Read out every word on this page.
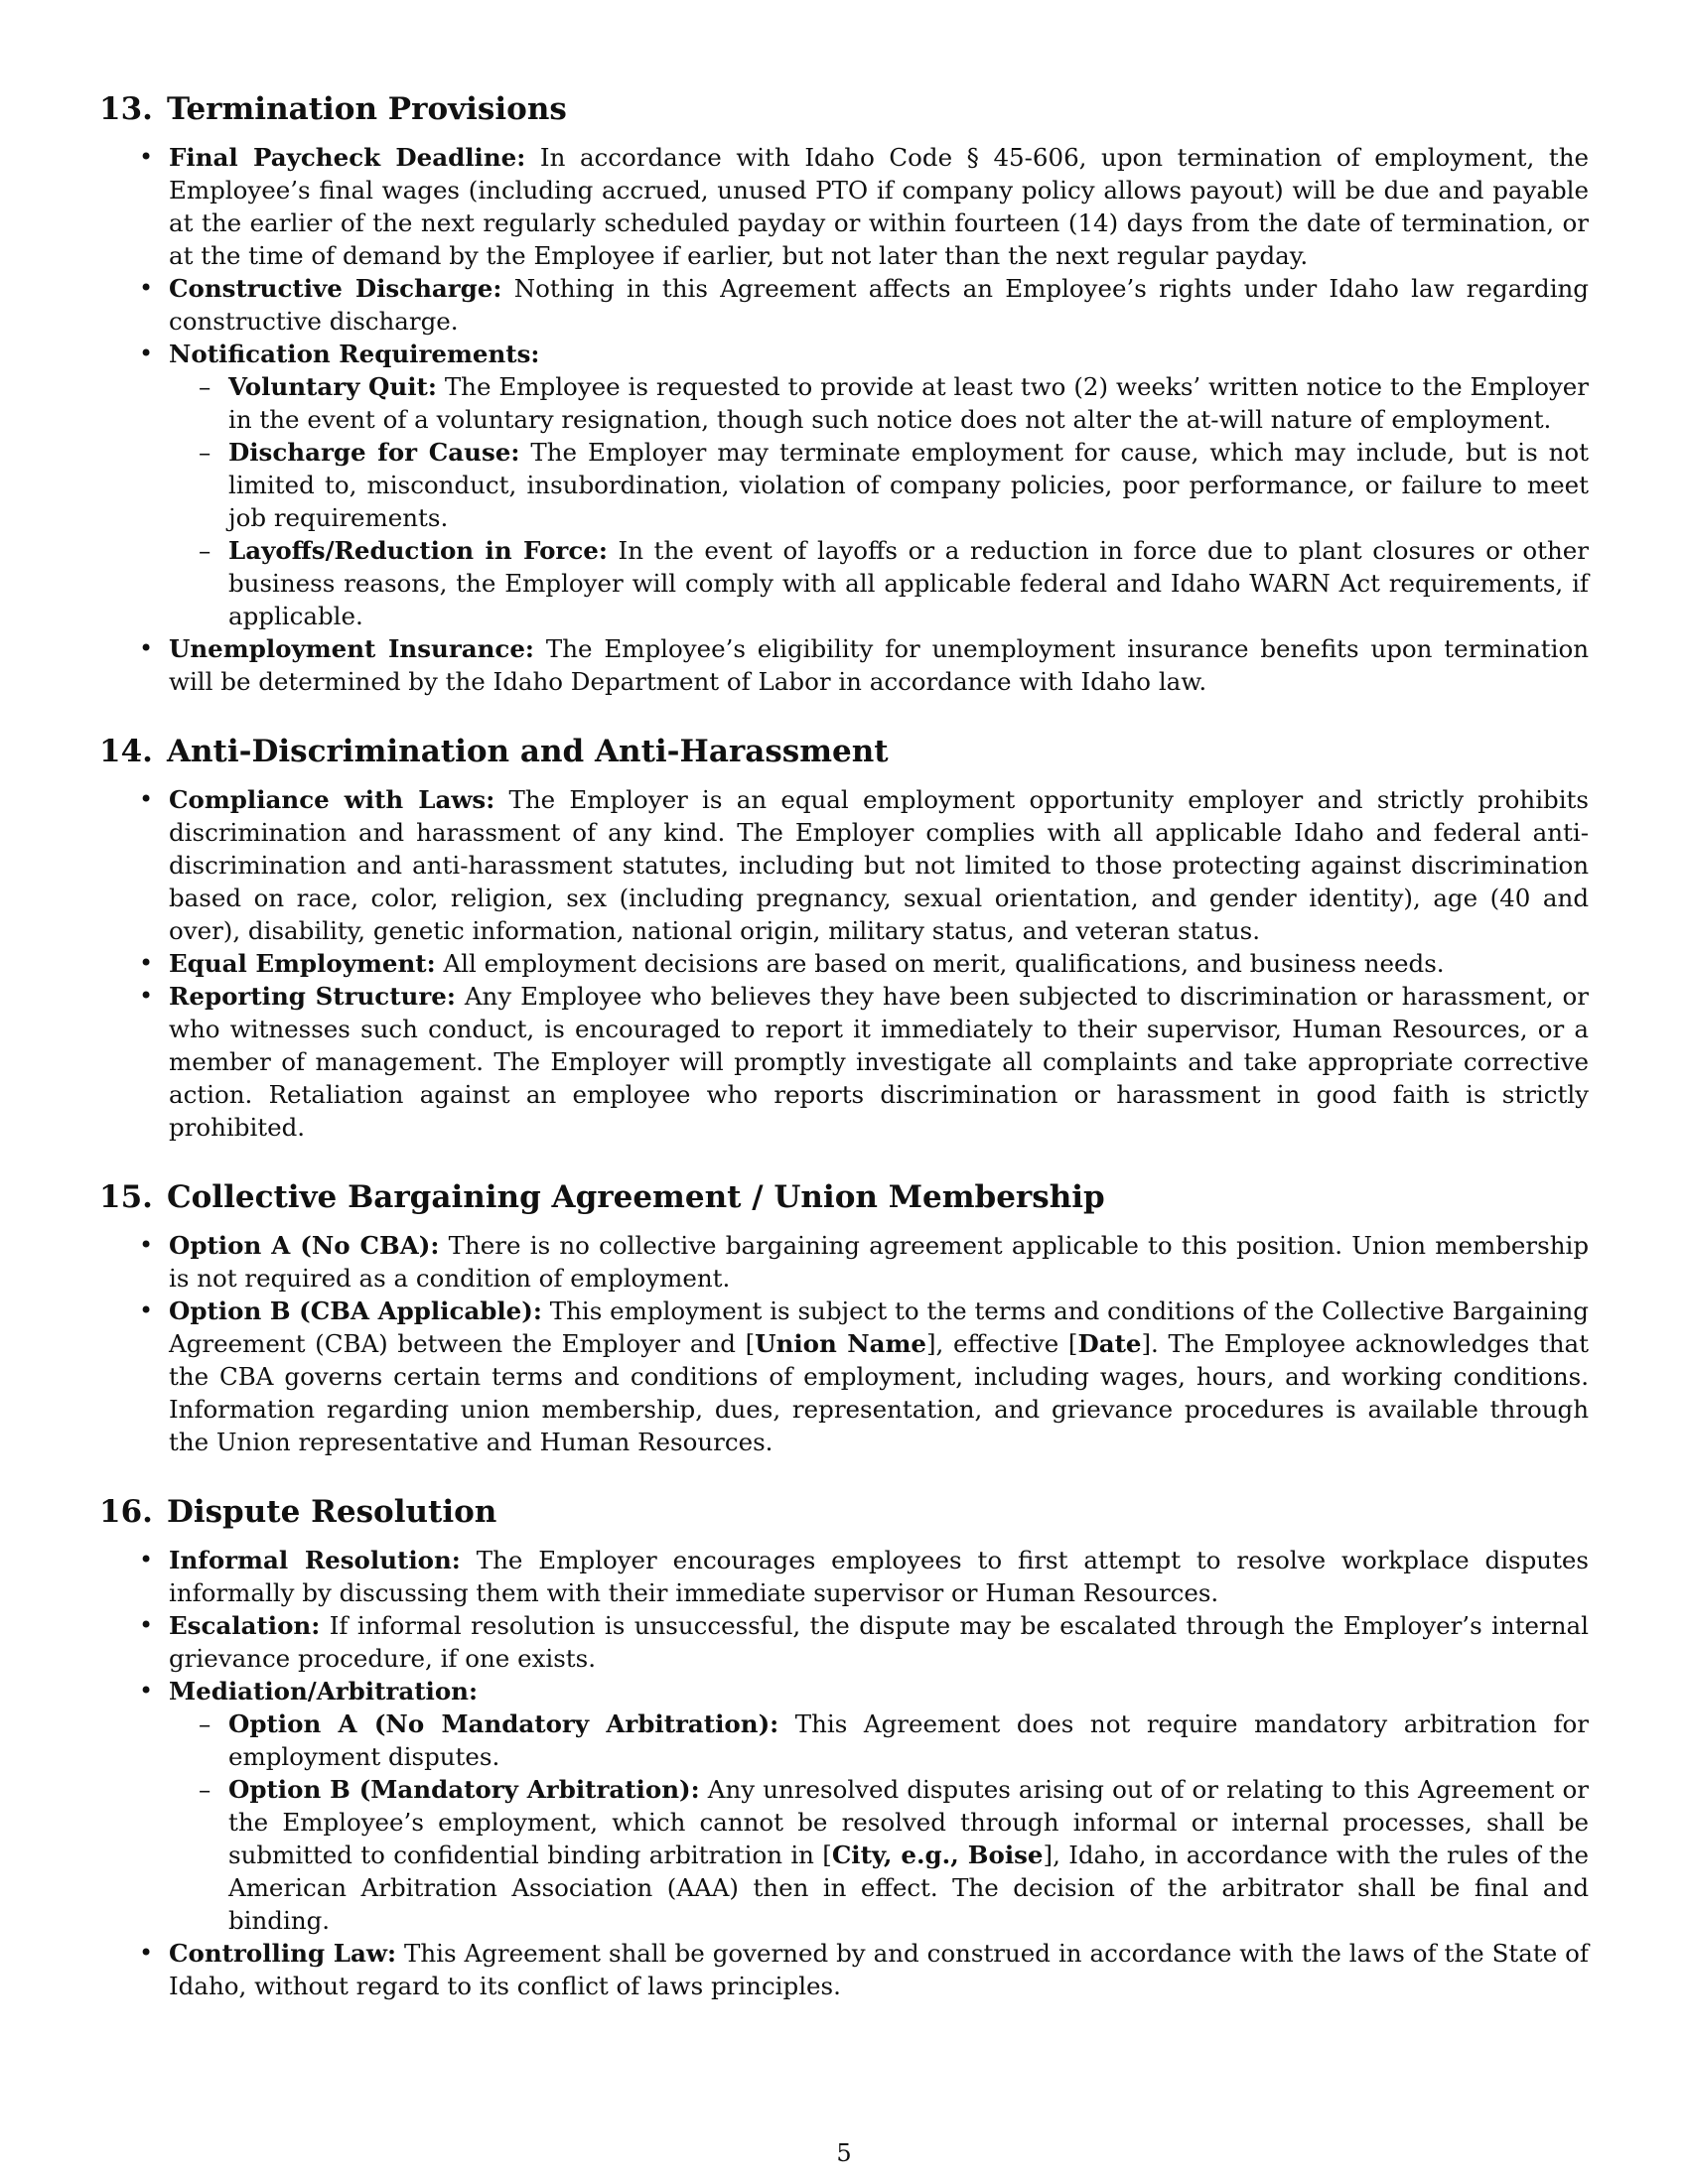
13. Termination Provisions
• Final Paycheck Deadline: In accordance with Idaho Code § 45-606, upon termination of employment, the Employee’s final wages (including accrued, unused PTO if company policy allows payout) will be due and payable at the earlier of the next regularly scheduled payday or within fourteen (14) days from the date of termination, or at the time of demand by the Employee if earlier, but not later than the next regular payday.
• Constructive Discharge: Nothing in this Agreement affects an Employee’s rights under Idaho law regarding constructive discharge.
• Notification Requirements:
– Voluntary Quit: The Employee is requested to provide at least two (2) weeks’ written notice to the Employer in the event of a voluntary resignation, though such notice does not alter the at-will nature of employment.
– Discharge for Cause: The Employer may terminate employment for cause, which may include, but is not limited to, misconduct, insubordination, violation of company policies, poor performance, or failure to meet job requirements.
– Layoffs/Reduction in Force: In the event of layoffs or a reduction in force due to plant closures or other business reasons, the Employer will comply with all applicable federal and Idaho WARN Act requirements, if applicable.
• Unemployment Insurance: The Employee’s eligibility for unemployment insurance benefits upon termination will be determined by the Idaho Department of Labor in accordance with Idaho law.
14. Anti-Discrimination and Anti-Harassment
• Compliance with Laws: The Employer is an equal employment opportunity employer and strictly prohibits discrimination and harassment of any kind. The Employer complies with all applicable Idaho and federal anti-discrimination and anti-harassment statutes, including but not limited to those protecting against discrimination based on race, color, religion, sex (including pregnancy, sexual orientation, and gender identity), age (40 and over), disability, genetic information, national origin, military status, and veteran status.
• Equal Employment: All employment decisions are based on merit, qualifications, and business needs.
• Reporting Structure: Any Employee who believes they have been subjected to discrimination or harassment, or who witnesses such conduct, is encouraged to report it immediately to their supervisor, Human Resources, or a member of management. The Employer will promptly investigate all complaints and take appropriate corrective action. Retaliation against an employee who reports discrimination or harassment in good faith is strictly prohibited.
15. Collective Bargaining Agreement / Union Membership
• Option A (No CBA): There is no collective bargaining agreement applicable to this position. Union membership is not required as a condition of employment.
• Option B (CBA Applicable): This employment is subject to the terms and conditions of the Collective Bargaining Agreement (CBA) between the Employer and [Union Name], effective [Date]. The Employee acknowledges that the CBA governs certain terms and conditions of employment, including wages, hours, and working conditions. Information regarding union membership, dues, representation, and grievance procedures is available through the Union representative and Human Resources.
16. Dispute Resolution
• Informal Resolution: The Employer encourages employees to first attempt to resolve workplace disputes informally by discussing them with their immediate supervisor or Human Resources.
• Escalation: If informal resolution is unsuccessful, the dispute may be escalated through the Employer’s internal grievance procedure, if one exists.
• Mediation/Arbitration:
– Option A (No Mandatory Arbitration): This Agreement does not require mandatory arbitration for employment disputes.
– Option B (Mandatory Arbitration): Any unresolved disputes arising out of or relating to this Agreement or the Employee’s employment, which cannot be resolved through informal or internal processes, shall be submitted to confidential binding arbitration in [City, e.g., Boise], Idaho, in accordance with the rules of the American Arbitration Association (AAA) then in effect. The decision of the arbitrator shall be final and binding.
• Controlling Law: This Agreement shall be governed by and construed in accordance with the laws of the State of Idaho, without regard to its conflict of laws principles.
5
